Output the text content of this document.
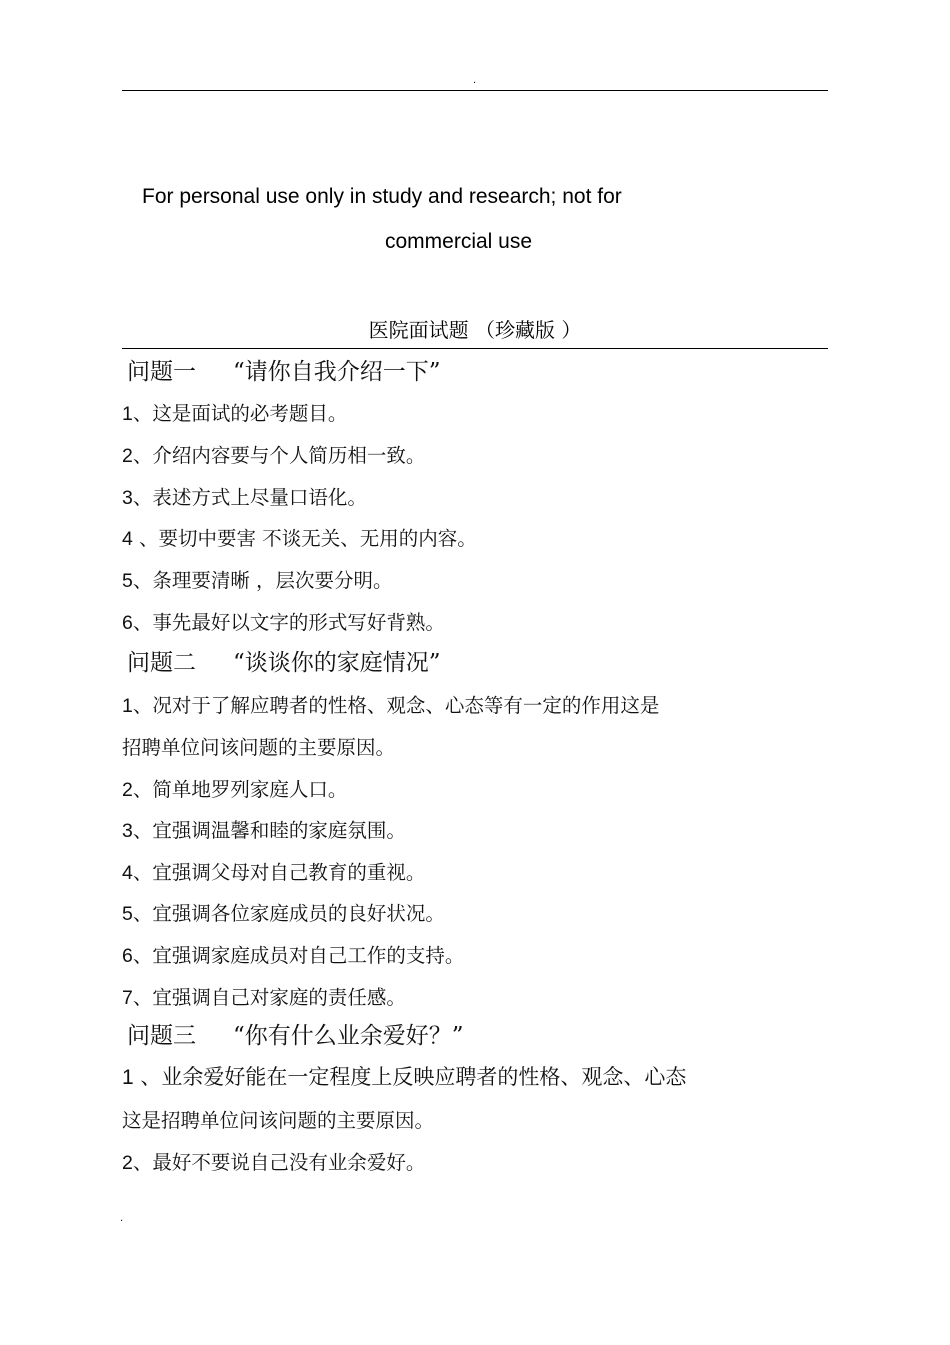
.
For personal use only in study and research; not for
commercial use
医院面试题 （珍藏版 ）
问题一 “请你自我介绍一下”
1、这是面试的必考题目。
2、介绍内容要与个人简历相一致。
3、表述方式上尽量口语化。
4 、要切中要害 不谈无关、无用的内容。
5、条理要清晰 ，层次要分明。
6、事先最好以文字的形式写好背熟。
问题二 “谈谈你的家庭情况”
1、况对于了解应聘者的性格、观念、心态等有一定的作用这是
招聘单位问该问题的主要原因。
2、简单地罗列家庭人口。
3、宜强调温馨和睦的家庭氛围。
4、宜强调父母对自己教育的重视。
5、宜强调各位家庭成员的良好状况。
6、宜强调家庭成员对自己工作的支持。
7、宜强调自己对家庭的责任感。
问题三 “你有什么业余爱好？”
1 、业余爱好能在一定程度上反映应聘者的性格、观念、心态
这是招聘单位问该问题的主要原因。
2、最好不要说自己没有业余爱好。
.
